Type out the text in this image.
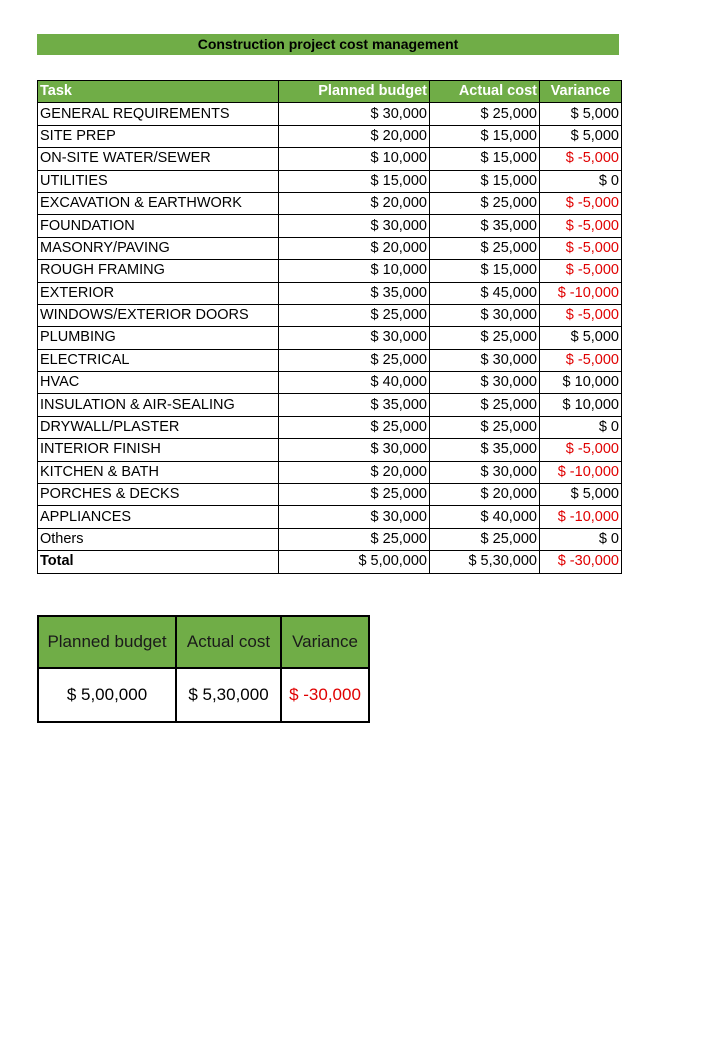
Construction project cost management
Task	Planned budget	Actual cost	Variance
GENERAL REQUIREMENTS	$ 30,000	$ 25,000	$ 5,000
SITE PREP	$ 20,000	$ 15,000	$ 5,000
ON-SITE WATER/SEWER	$ 10,000	$ 15,000	$ -5,000
UTILITIES	$ 15,000	$ 15,000	$ 0
EXCAVATION & EARTHWORK	$ 20,000	$ 25,000	$ -5,000
FOUNDATION	$ 30,000	$ 35,000	$ -5,000
MASONRY/PAVING	$ 20,000	$ 25,000	$ -5,000
ROUGH FRAMING	$ 10,000	$ 15,000	$ -5,000
EXTERIOR	$ 35,000	$ 45,000	$ -10,000
WINDOWS/EXTERIOR DOORS	$ 25,000	$ 30,000	$ -5,000
PLUMBING	$ 30,000	$ 25,000	$ 5,000
ELECTRICAL	$ 25,000	$ 30,000	$ -5,000
HVAC	$ 40,000	$ 30,000	$ 10,000
INSULATION & AIR-SEALING	$ 35,000	$ 25,000	$ 10,000
DRYWALL/PLASTER	$ 25,000	$ 25,000	$ 0
INTERIOR FINISH	$ 30,000	$ 35,000	$ -5,000
KITCHEN & BATH	$ 20,000	$ 30,000	$ -10,000
PORCHES & DECKS	$ 25,000	$ 20,000	$ 5,000
APPLIANCES	$ 30,000	$ 40,000	$ -10,000
Others	$ 25,000	$ 25,000	$ 0
Total	$ 5,00,000	$ 5,30,000	$ -30,000
Planned budget	Actual cost	Variance
$ 5,00,000	$ 5,30,000	$ -30,000
